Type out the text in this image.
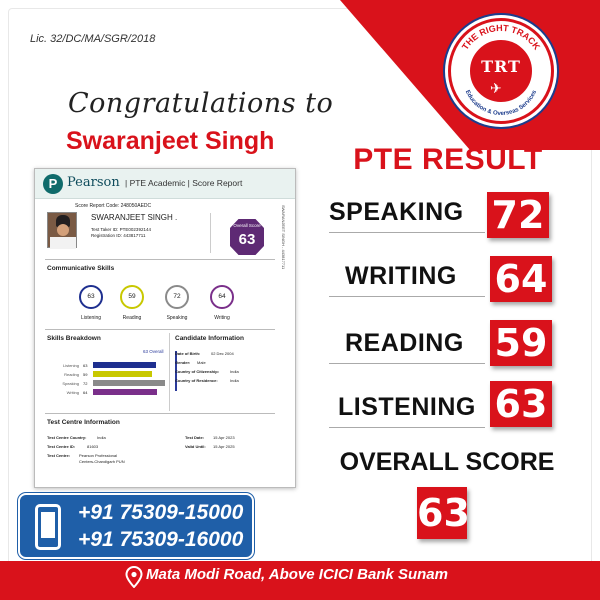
Lic. 32/DC/MA/SGR/2018
THE RIGHT TRACK
Education & Overseas Services
TRT
✈
Congratulations to
Swaranjeet Singh
P Pearson | PTE Academic | Score Report
Score Report Code: 248050AEDC
SWARANJEET SINGH .
Test Taker ID: PTE002392144
Registration ID: 443817711
Overall Score
63	SWARANJEET SINGH - 443817711
Communicative Skills
63
Listening
59
Reading
72
Speaking
64
Writing
Skills Breakdown	Candidate Information
63 Overall
Listening 63
Reading 59
Speaking 72
Writing 64
Date of Birth:	02 Dec 2004
Gender: Male
Country of Citizenship:	India
Country of Residence:	India
Test Centre Information
Test Centre Country:	India
Test Centre ID:	81603
Test Centre: Pearson Professional
Centers-Chandigarh PUN
Test Date: 15 Apr 2023
Valid Until: 15 Apr 2025
PTE RESULT
SPEAKING 72
WRITING 64
READING 59
LISTENING 63
OVERALL SCORE
63
+91 75309-15000
+91 75309-16000
Mata Modi Road, Above ICICI Bank Sunam
